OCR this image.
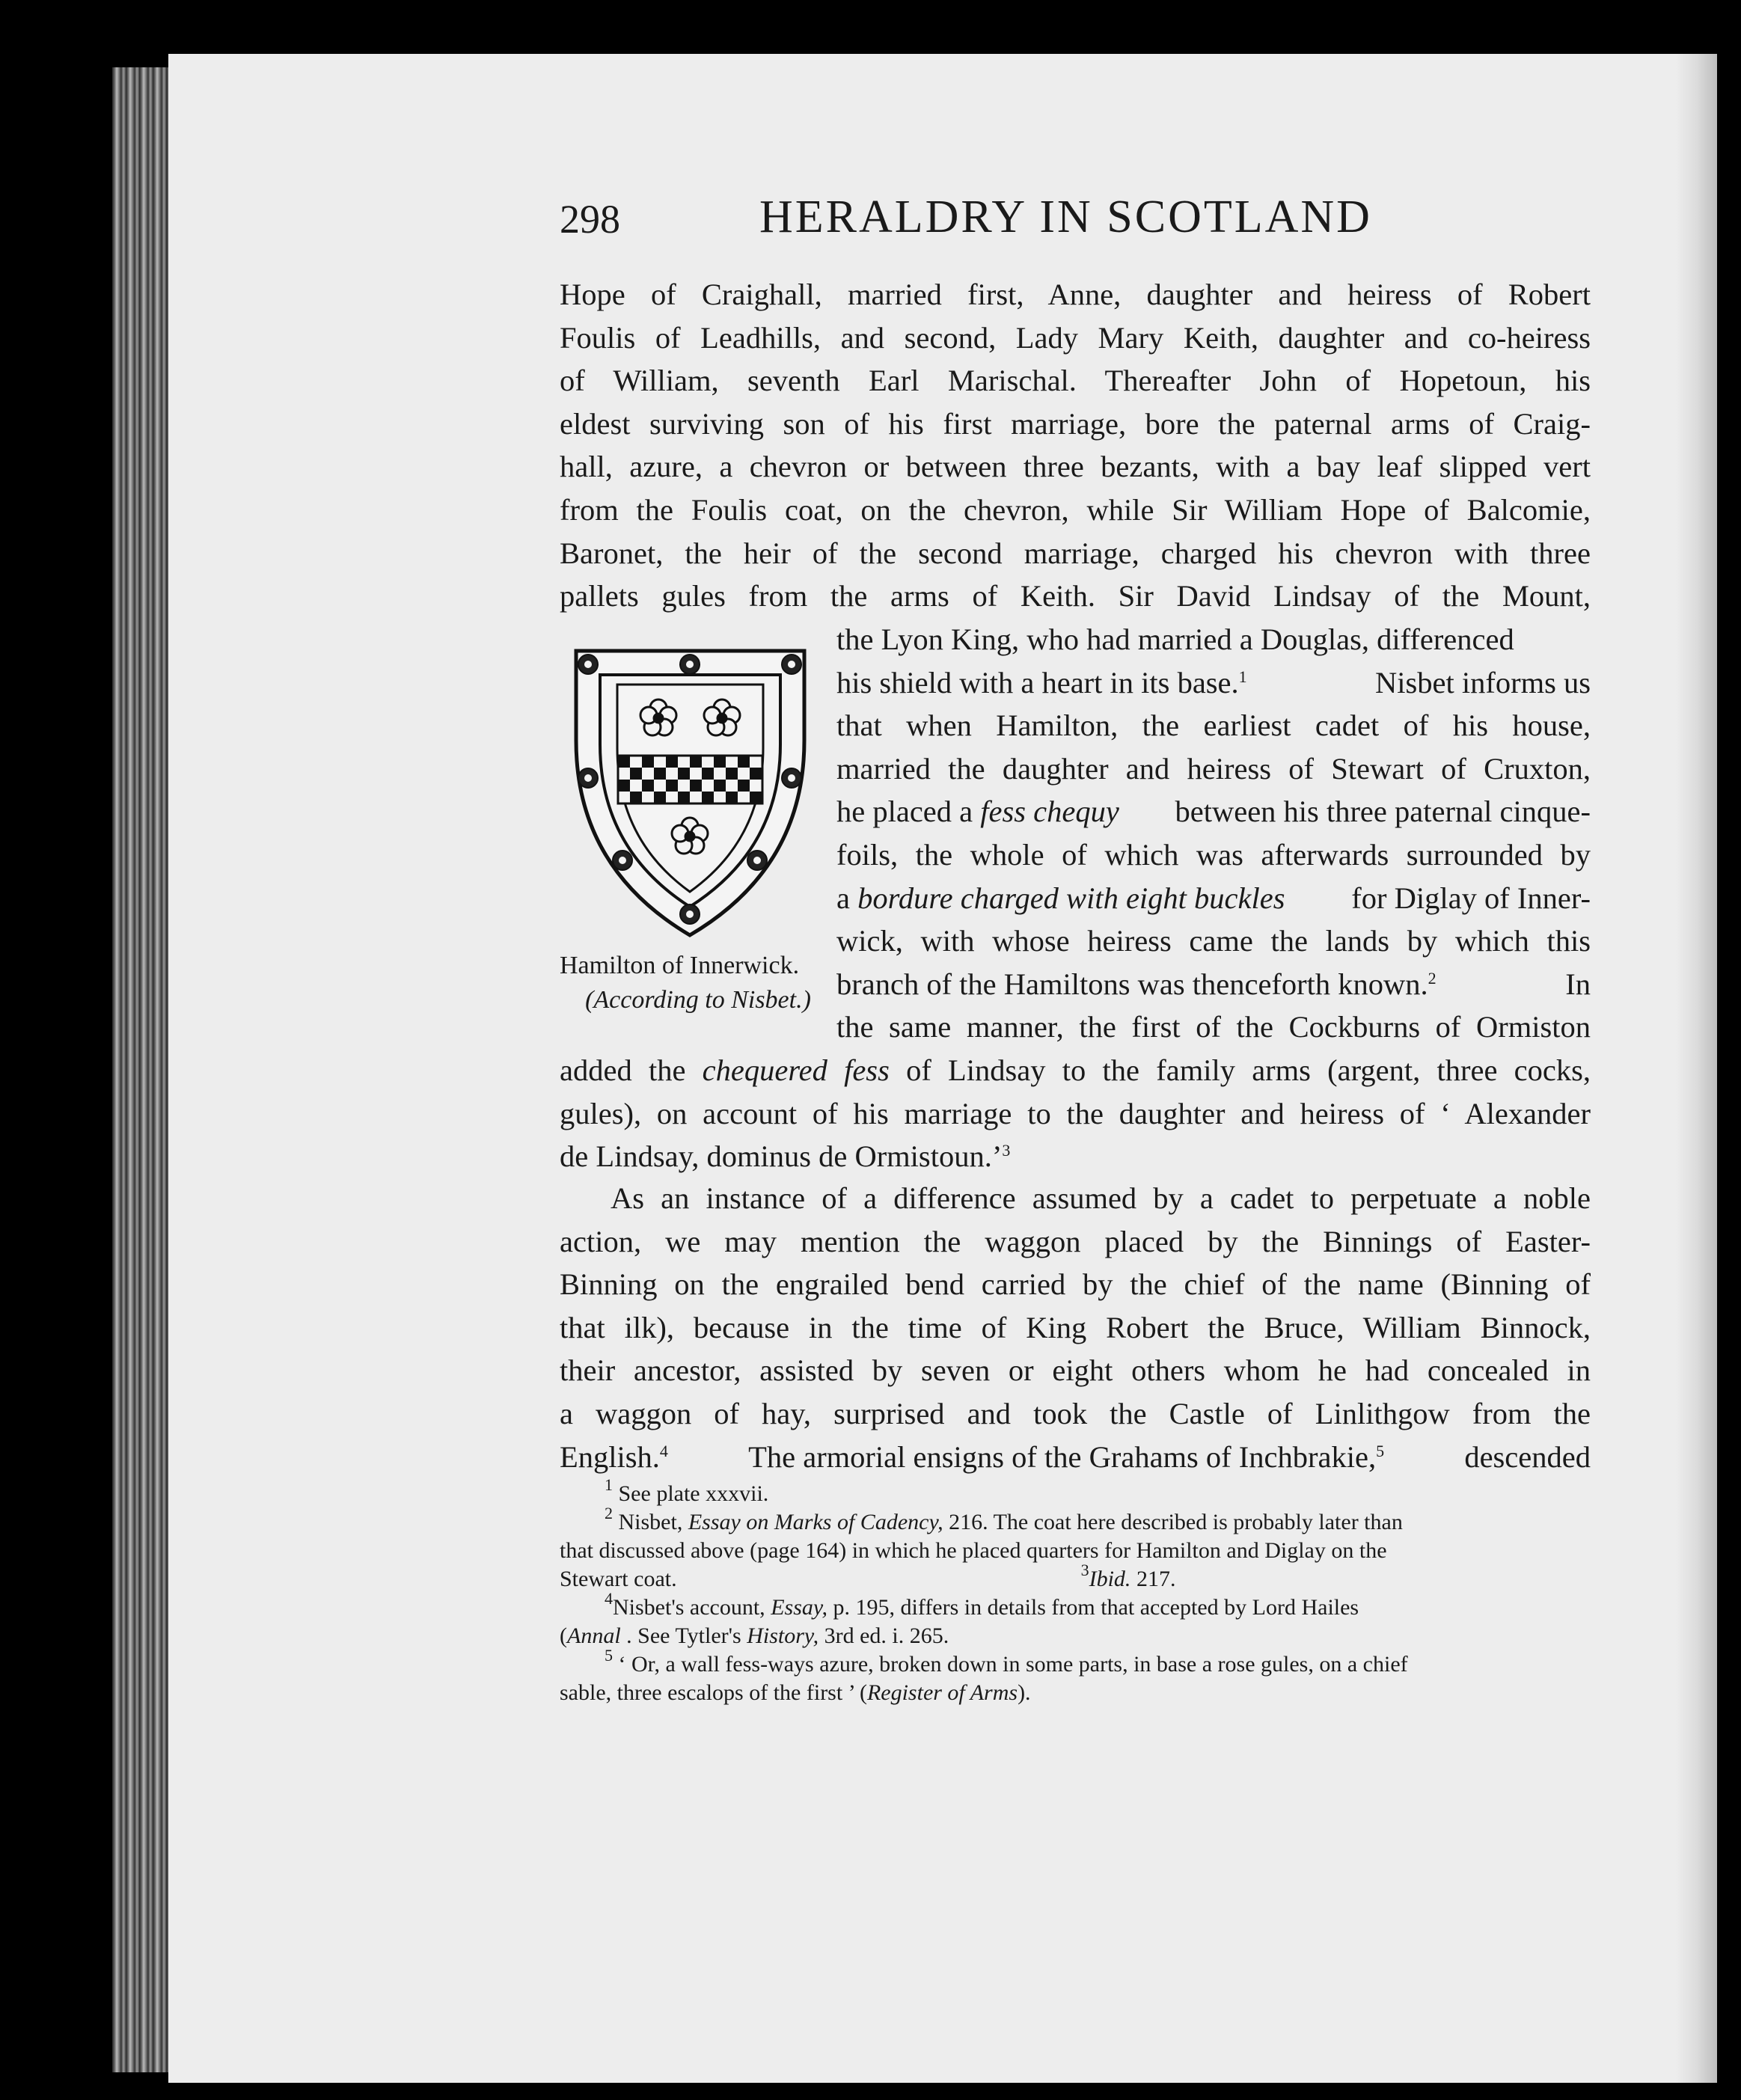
298	HERALDRY IN SCOTLAND
Hope of Craighall, married first, Anne, daughter and heiress of Robert
Foulis of Leadhills, and second, Lady Mary Keith, daughter and co-heiress
of William, seventh Earl Marischal. Thereafter John of Hopetoun, his
eldest surviving son of his first marriage, bore the paternal arms of Craig-
hall, azure, a chevron or between three bezants, with a bay leaf slipped vert
from the Foulis coat, on the chevron, while Sir William Hope of Balcomie,
Baronet, the heir of the second marriage, charged his chevron with three
pallets gules from the arms of Keith. Sir David Lindsay of the Mount,
the Lyon King, who had married a Douglas, differenced
his shield with a heart in its base.$^1$	Nisbet informs us
that when Hamilton, the earliest cadet of his house,
married the daughter and heiress of Stewart of Cruxton,
he placed a fess chequy between his three paternal cinque-
foils, the whole of which was afterwards surrounded by
a bordure charged with eight buckles for Diglay of Inner-
wick, with whose heiress came the lands by which this
branch of the Hamiltons was thenceforth known.$^2$	In
the same manner, the first of the Cockburns of Ormiston
Hamilton of Innerwick.
(According to Nisbet.)
added the chequered fess of Lindsay to the family arms (argent, three cocks,
gules), on account of his marriage to the daughter and heiress of ‘ Alexander
de Lindsay, dominus de Ormistoun.’$^3$
As an instance of a difference assumed by a cadet to perpetuate a noble
action, we may mention the waggon placed by the Binnings of Easter-
Binning on the engrailed bend carried by the chief of the name (Binning of
that ilk), because in the time of King Robert the Bruce, William Binnock,
their ancestor, assisted by seven or eight others whom he had concealed in
a waggon of hay, surprised and took the Castle of Linlithgow from the
English.$^4$	The armorial ensigns of the Grahams of Inchbrakie,$^5$	descended
$^1$ See plate xxxvii.
$^2$ Nisbet, Essay on Marks of Cadency, 216. The coat here described is probably later than
that discussed above (page 164) in which he placed quarters for Hamilton and Diglay on the
Stewart coat.	$^3$Ibid. 217.
$^4$Nisbet's account, Essay, p. 195, differs in details from that accepted by Lord Hailes
(Annal . See Tytler's History, 3rd ed. i. 265.
$^5$ ‘ Or, a wall fess-ways azure, broken down in some parts, in base a rose gules, on a chief
sable, three escalops of the first ’ (Register of Arms).
